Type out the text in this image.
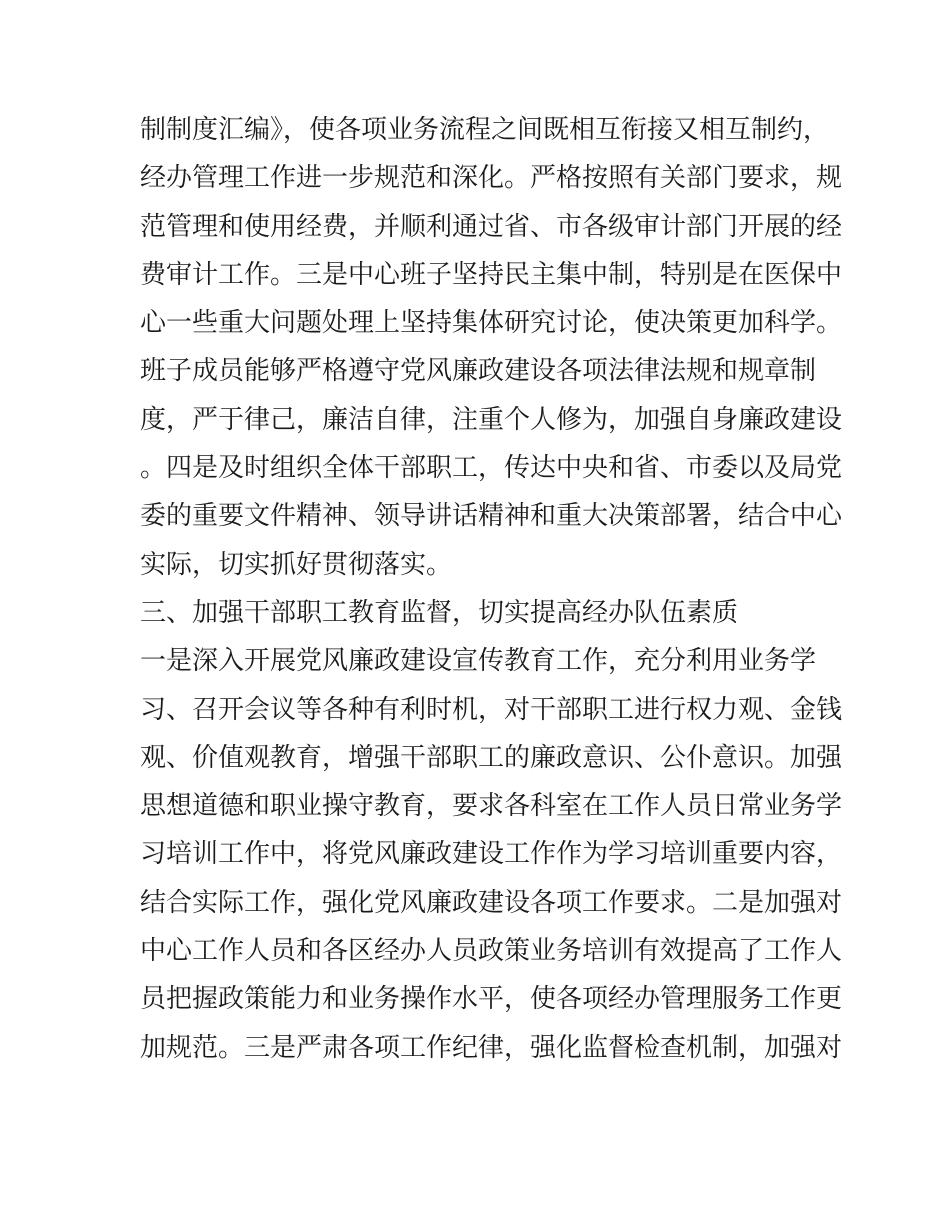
制制度汇编》，使各项业务流程之间既相互衔接又相互制约，
经办管理工作进一步规范和深化。严格按照有关部门要求，规
范管理和使用经费，并顺利通过省、市各级审计部门开展的经
费审计工作。三是中心班子坚持民主集中制，特别是在医保中
心一些重大问题处理上坚持集体研究讨论，使决策更加科学。
班子成员能够严格遵守党风廉政建设各项法律法规和规章制
度，严于律己，廉洁自律，注重个人修为，加强自身廉政建设
。四是及时组织全体干部职工，传达中央和省、市委以及局党
委的重要文件精神、领导讲话精神和重大决策部署，结合中心
实际，切实抓好贯彻落实。
三、加强干部职工教育监督，切实提高经办队伍素质
一是深入开展党风廉政建设宣传教育工作，充分利用业务学
习、召开会议等各种有利时机，对干部职工进行权力观、金钱
观、价值观教育，增强干部职工的廉政意识、公仆意识。加强
思想道德和职业操守教育，要求各科室在工作人员日常业务学
习培训工作中，将党风廉政建设工作作为学习培训重要内容，
结合实际工作，强化党风廉政建设各项工作要求。二是加强对
中心工作人员和各区经办人员政策业务培训有效提高了工作人
员把握政策能力和业务操作水平，使各项经办管理服务工作更
加规范。三是严肃各项工作纪律，强化监督检查机制，加强对
